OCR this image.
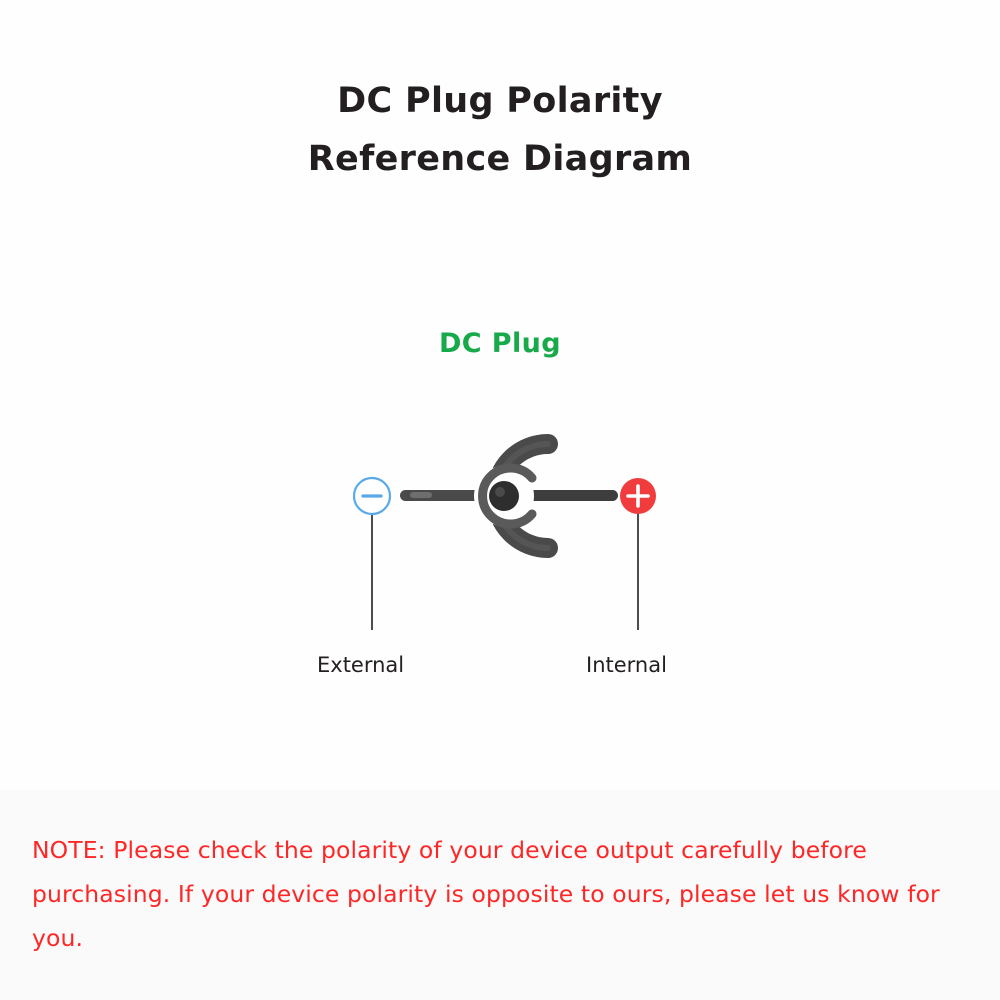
DC Plug Polarity
Reference Diagram
DC Plug
External	Internal
NOTE: Please check the polarity of your device output carefully before purchasing. If your device polarity is opposite to ours, please let us know for you.
